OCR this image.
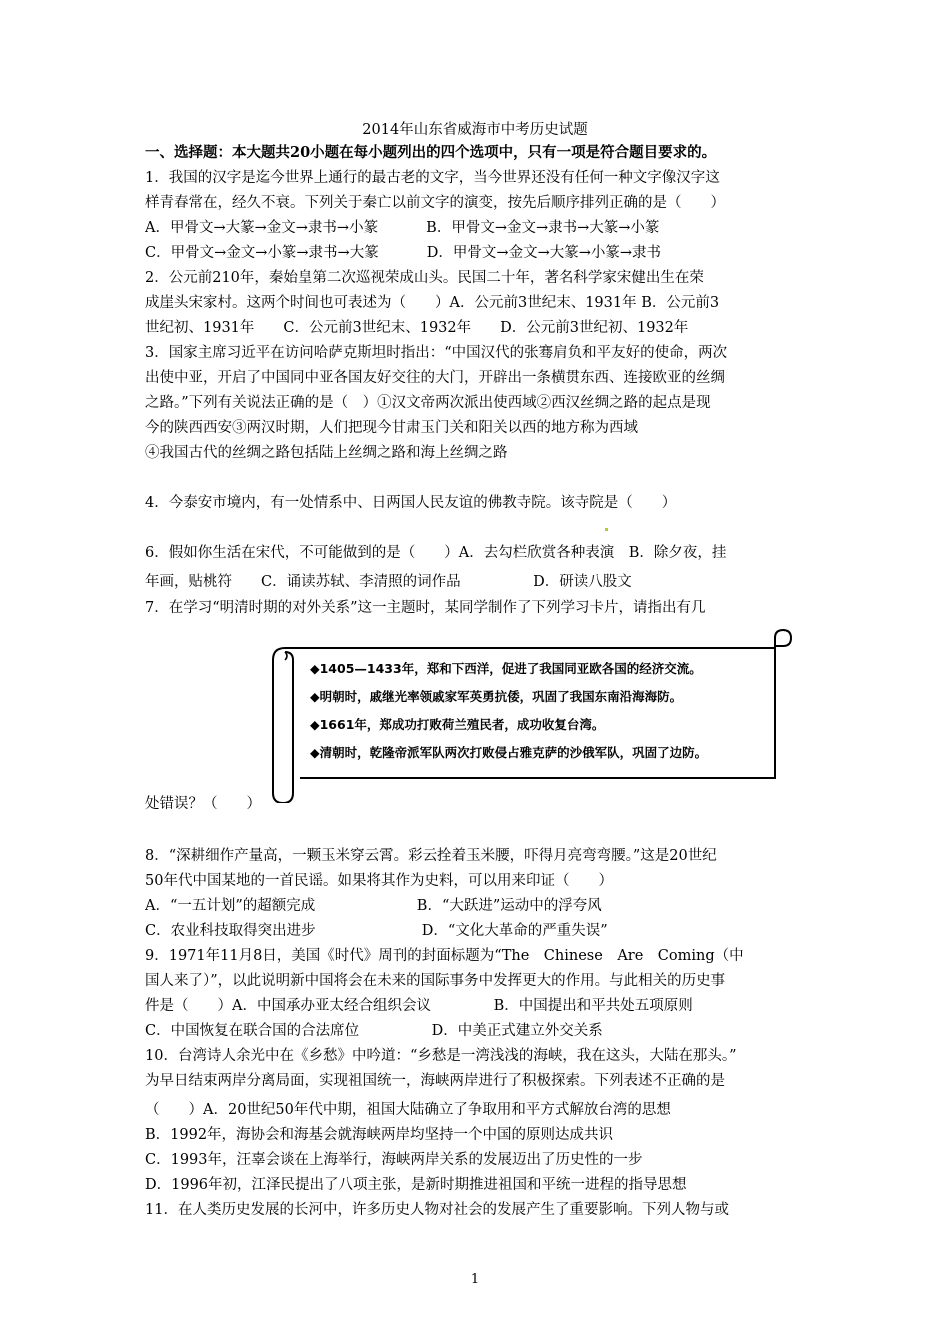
2014年山东省威海市中考历史试题
一、选择题：本大题共20小题在每小题列出的四个选项中，只有一项是符合题目要求的。
1．我国的汉字是迄今世界上通行的最古老的文字，当今世界还没有任何一种文字像汉字这
样青春常在，经久不衰。下列关于秦亡以前文字的演变，按先后顺序排列正确的是（　　）
A．甲骨文→大篆→金文→隶书→小篆　　　 B．甲骨文→金文→隶书→大篆→小篆
C．甲骨文→金文→小篆→隶书→大篆　　　 D．甲骨文→金文→大篆→小篆→隶书
2．公元前210年，秦始皇第二次巡视荣成山头。民国二十年，著名科学家宋健出生在荣
成崖头宋家村。这两个时间也可表述为（　　）A．公元前3世纪末、1931年 B．公元前3
世纪初、1931年　　C．公元前3世纪末、1932年　　D．公元前3世纪初、1932年
3．国家主席习近平在访问哈萨克斯坦时指出：“中国汉代的张骞肩负和平友好的使命，两次
出使中亚，开启了中国同中亚各国友好交往的大门，开辟出一条横贯东西、连接欧亚的丝绸
之路。”下列有关说法正确的是（　）①汉文帝两次派出使西域②西汉丝绸之路的起点是现
今的陕西西安③两汉时期，人们把现今甘肃玉门关和阳关以西的地方称为西域
④我国古代的丝绸之路包括陆上丝绸之路和海上丝绸之路
4．今泰安市境内，有一处情系中、日两国人民友谊的佛教寺院。该寺院是（　　）
6．假如你生活在宋代，不可能做到的是（　　）A．去勾栏欣赏各种表演　B．除夕夜，挂
年画，贴桃符　　C．诵读苏轼、李清照的词作品　　　　　D．研读八股文
7．在学习“明清时期的对外关系”这一主题时，某同学制作了下列学习卡片，请指出有几
◆1405—1433年，郑和下西洋，促进了我国同亚欧各国的经济交流。
◆明朝时，戚继光率领戚家军英勇抗倭，巩固了我国东南沿海海防。
◆1661年，郑成功打败荷兰殖民者，成功收复台湾。
◆清朝时，乾隆帝派军队两次打败侵占雅克萨的沙俄军队，巩固了边防。
处错误？（　　）
8．“深耕细作产量高，一颗玉米穿云霄。彩云拴着玉米腰，吓得月亮弯弯腰。”这是20世纪
50年代中国某地的一首民谣。如果将其作为史料，可以用来印证（　　）
A．“一五计划”的超额完成　　　　　　　B．“大跃进”运动中的浮夸风
C．农业科技取得突出进步　　　　　　　 D．“文化大革命的严重失误”
9．1971年11月8日，美国《时代》周刊的封面标题为“The　Chinese　Are　Coming（中
国人来了）”，以此说明新中国将会在未来的国际事务中发挥更大的作用。与此相关的历史事
件是（　　）A．中国承办亚太经合组织会议　　　　 B．中国提出和平共处五项原则
C．中国恢复在联合国的合法席位　　　　　D．中美正式建立外交关系
10．台湾诗人余光中在《乡愁》中吟道：“乡愁是一湾浅浅的海峡，我在这头，大陆在那头。”
为早日结束两岸分离局面，实现祖国统一，海峡两岸进行了积极探索。下列表述不正确的是
（　　）A．20世纪50年代中期，祖国大陆确立了争取用和平方式解放台湾的思想
B．1992年，海协会和海基会就海峡两岸均坚持一个中国的原则达成共识
C．1993年，汪辜会谈在上海举行，海峡两岸关系的发展迈出了历史性的一步
D．1996年初，江泽民提出了八项主张，是新时期推进祖国和平统一进程的指导思想
11．在人类历史发展的长河中，许多历史人物对社会的发展产生了重要影响。下列人物与或
1
